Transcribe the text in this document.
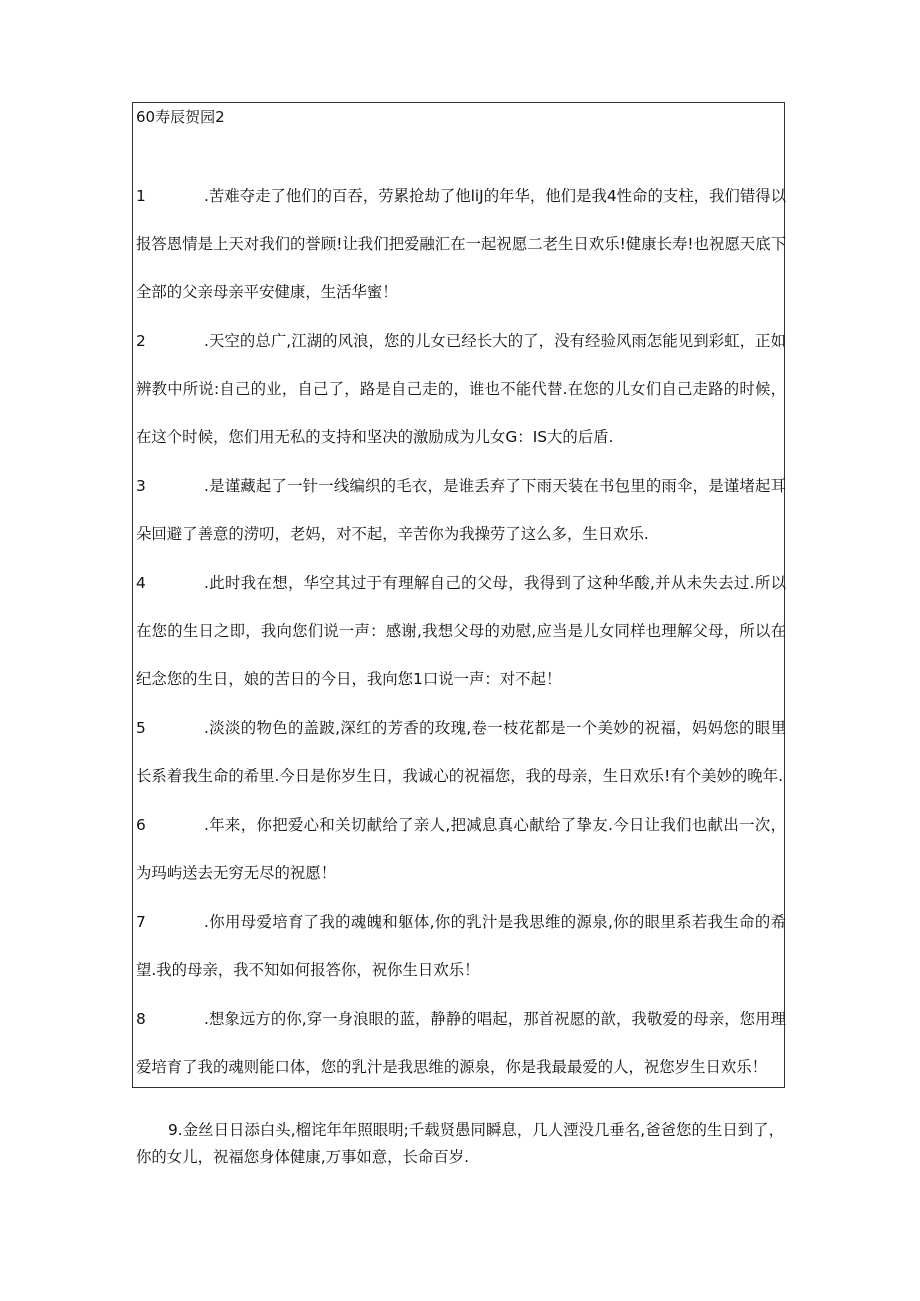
60寿辰贺园2
1	.苦难夺走了他们的百吞，劳累抢劫了他liJ的年华，他们是我4性命的支柱，我们错得以报答恩情是上天对我们的誉顾!让我们把爱融汇在一起祝愿二老生日欢乐!健康长寿!也祝愿天底下全部的父亲母亲平安健康，生活华蜜！
2	.天空的总广,江湖的风浪，您的儿女已经长大的了，没有经验风雨怎能见到彩虹，正如辨教中所说:自己的业，自己了，路是自己走的，谁也不能代替.在您的儿女们自己走路的时候，在这个时候，您们用无私的支持和坚决的激励成为儿女G：IS大的后盾.
3	.是谨藏起了一针一线编织的毛衣，是谁丢弃了下雨天装在书包里的雨伞，是谨堵起耳朵回避了善意的涝叨，老妈，对不起，辛苦你为我操劳了这么多，生日欢乐.
4	.此时我在想，华空其过于有理解自己的父母，我得到了这种华酸,并从未失去过.所以在您的生日之即，我向您们说一声：感谢,我想父母的劝慰,应当是儿女同样也理解父母，所以在纪念您的生日，娘的苦日的今日，我向您1口说一声：对不起！
5	.淡淡的物色的盖跛,深红的芳香的玫瑰,卷一枝花都是一个美妙的祝福，妈妈您的眼里长系着我生命的希里.今日是你岁生日，我诚心的祝福您，我的母亲，生日欢乐!有个美妙的晚年.
6	.年来，你把爱心和关切献给了亲人,把减息真心献给了挚友.今日让我们也献出一次，为玛屿送去无穷无尽的祝愿！
7	.你用母爱培育了我的魂魄和躯体,你的乳汁是我思维的源泉,你的眼里系若我生命的希望.我的母亲，我不知如何报答你，祝你生日欢乐！
8	.想象远方的你,穿一身浪眼的蓝，静静的唱起，那首祝愿的歆，我敬爱的母亲，您用理爱培育了我的魂则能口体，您的乳汁是我思维的源泉，你是我最最爱的人，祝您岁生日欢乐！
9.金丝日日添白头,榴诧年年照眼明;千载贤愚同瞬息，几人湮没几垂名,爸爸您的生日到了，你的女儿，祝福您身体健康,万事如意，长命百岁.
